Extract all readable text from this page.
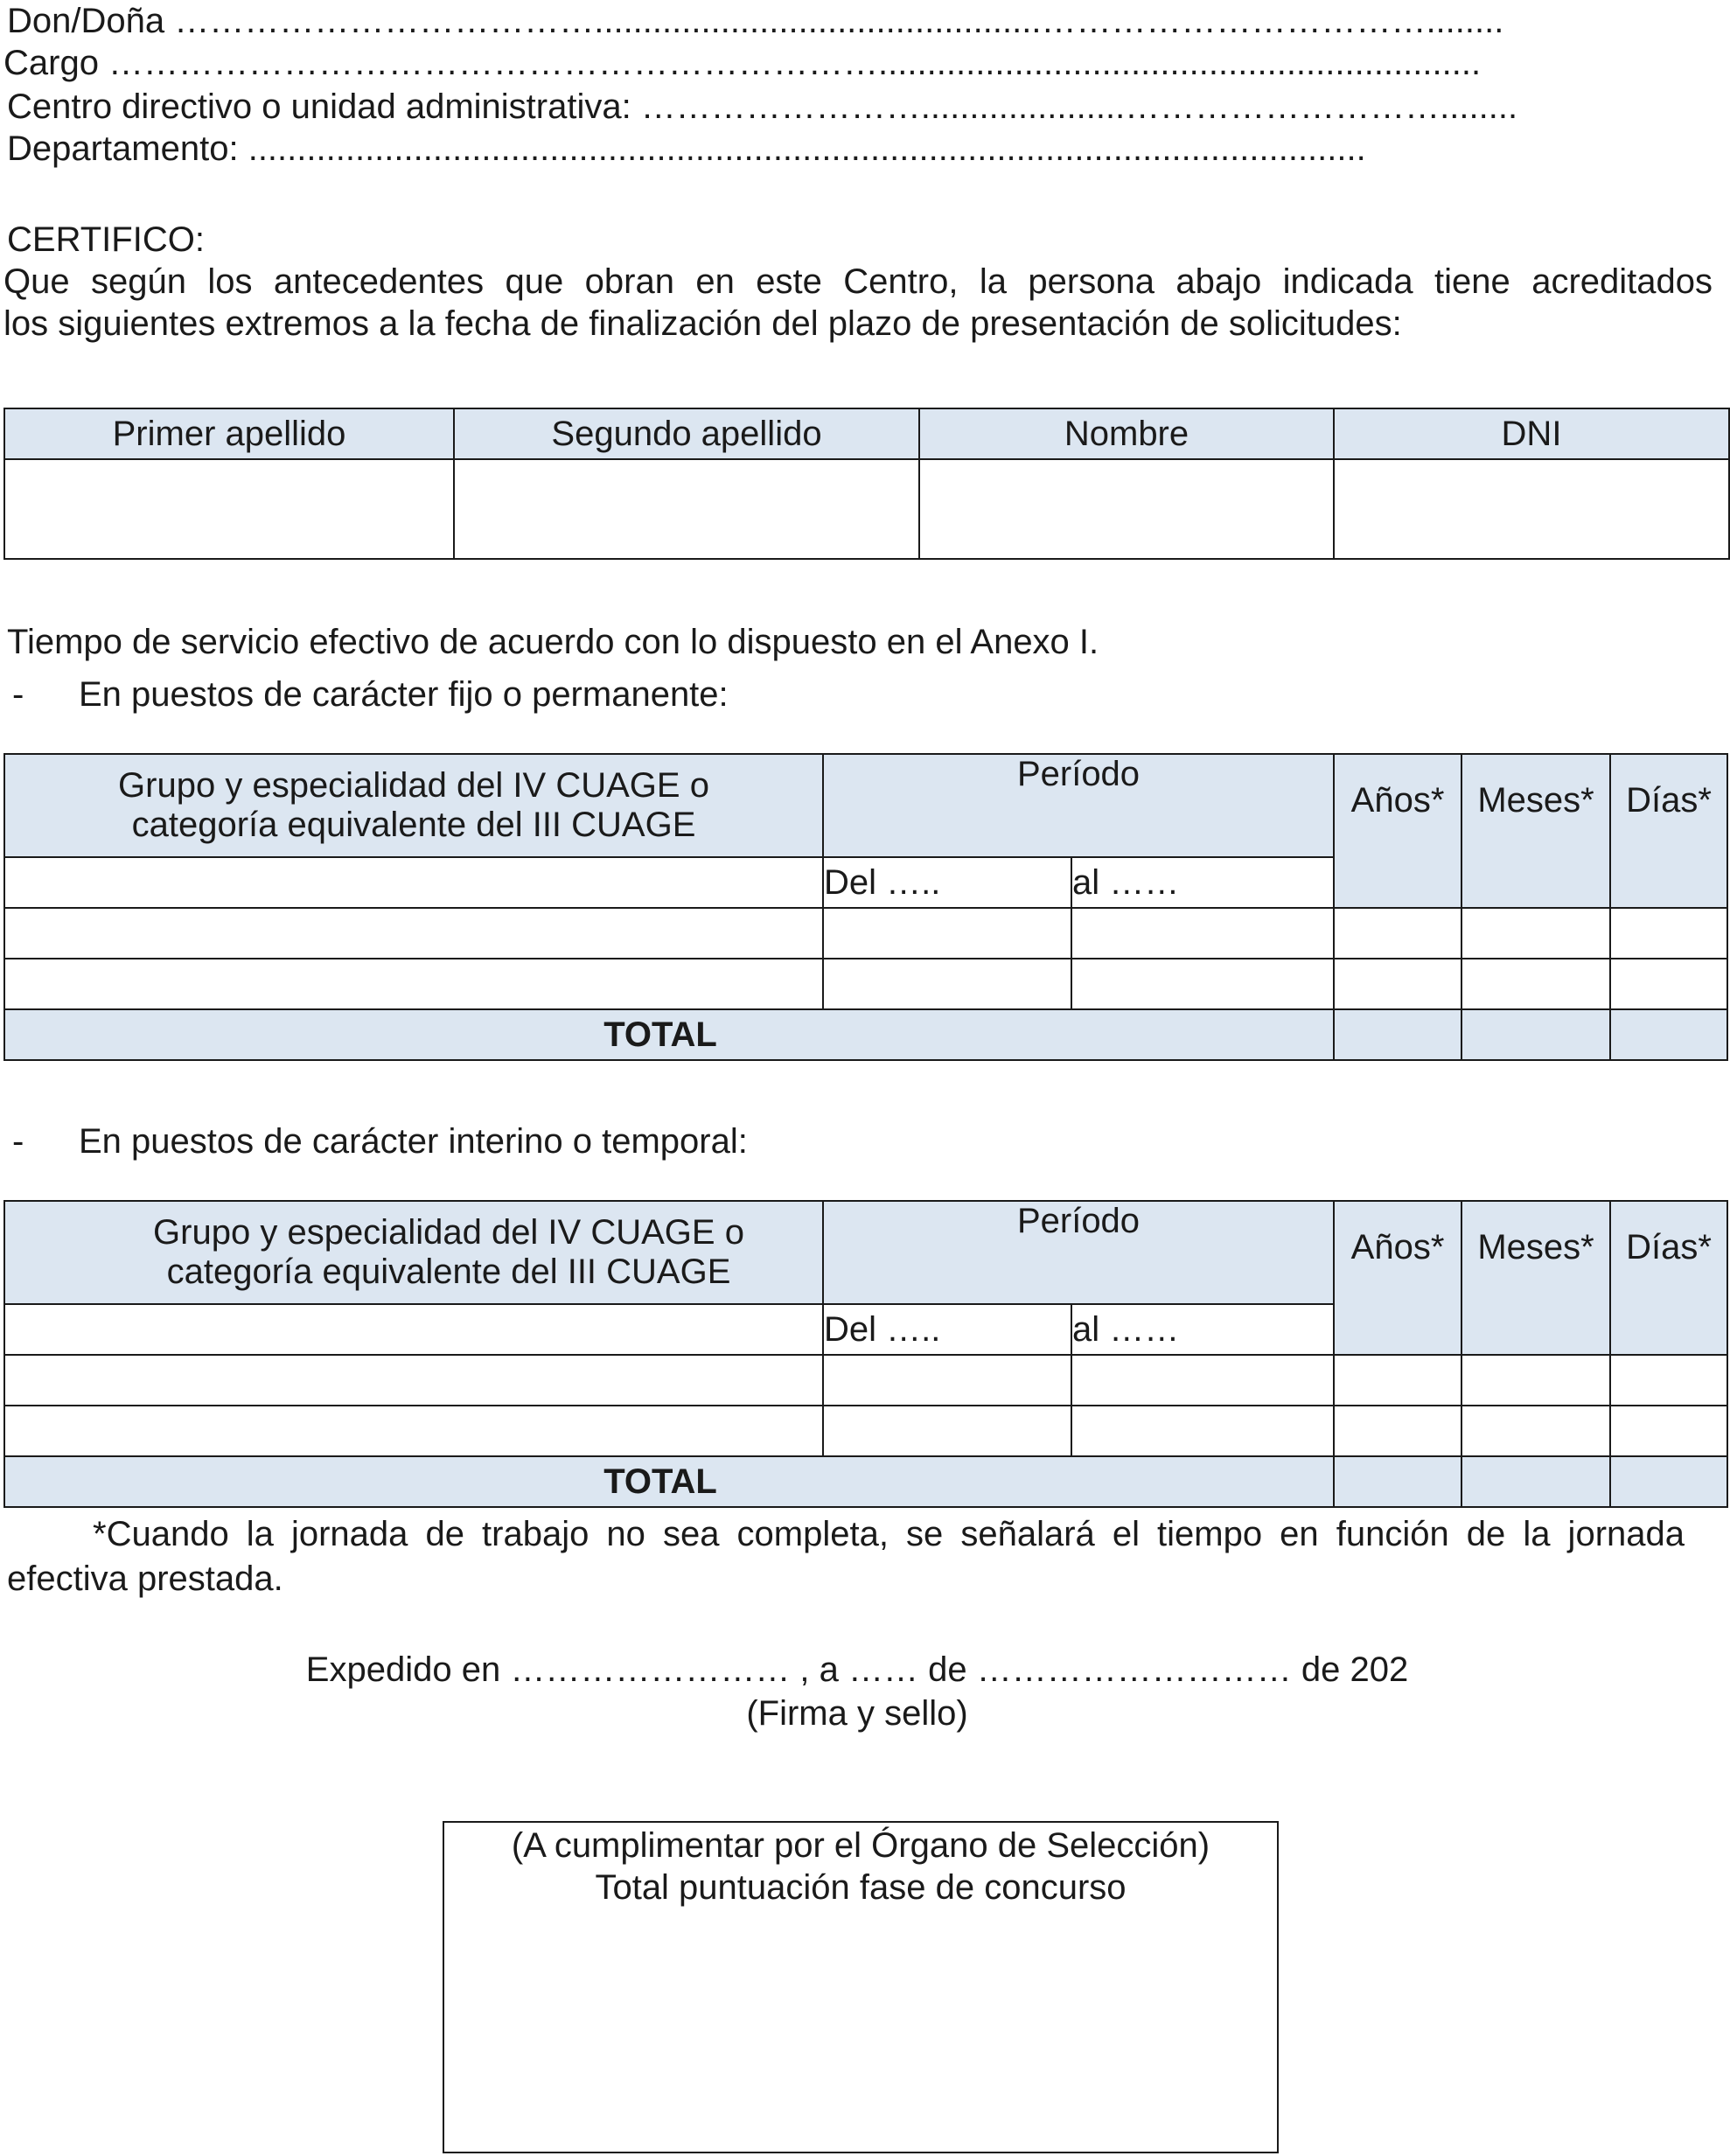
Don/Doña ………………………………..............................................……………………………........
Cargo …………………………………………………………..............................................................
Centro directivo o unidad administrativa: …………………….....................………………………........
Departamento: ...................................................................................................................
CERTIFICO:
Que según los antecedentes que obran en este Centro, la persona abajo indicada tiene acreditados
los siguientes extremos a la fecha de finalización del plazo de presentación de solicitudes:
Primer apellido	Segundo apellido	Nombre	DNI

Tiempo de servicio efectivo de acuerdo con lo dispuesto en el Anexo I.
- En puestos de carácter fijo o permanente:
Grupo y especialidad del IV CUAGE o
categoría equivalente del III CUAGE	Período		Años*	Meses*	Días*
	Del …..	al ……			

TOTAL					
- En puestos de carácter interino o temporal:
Grupo y especialidad del IV CUAGE o
categoría equivalente del III CUAGE	Período		Años*	Meses*	Días*
	Del …..	al ……			

TOTAL					
*Cuando la jornada de trabajo no sea completa, se señalará el tiempo en función de la jornada
efectiva prestada.
Expedido en …………………… , a …… de ……………………… de 202
(Firma y sello)
(A cumplimentar por el Órgano de Selección)
Total puntuación fase de concurso
